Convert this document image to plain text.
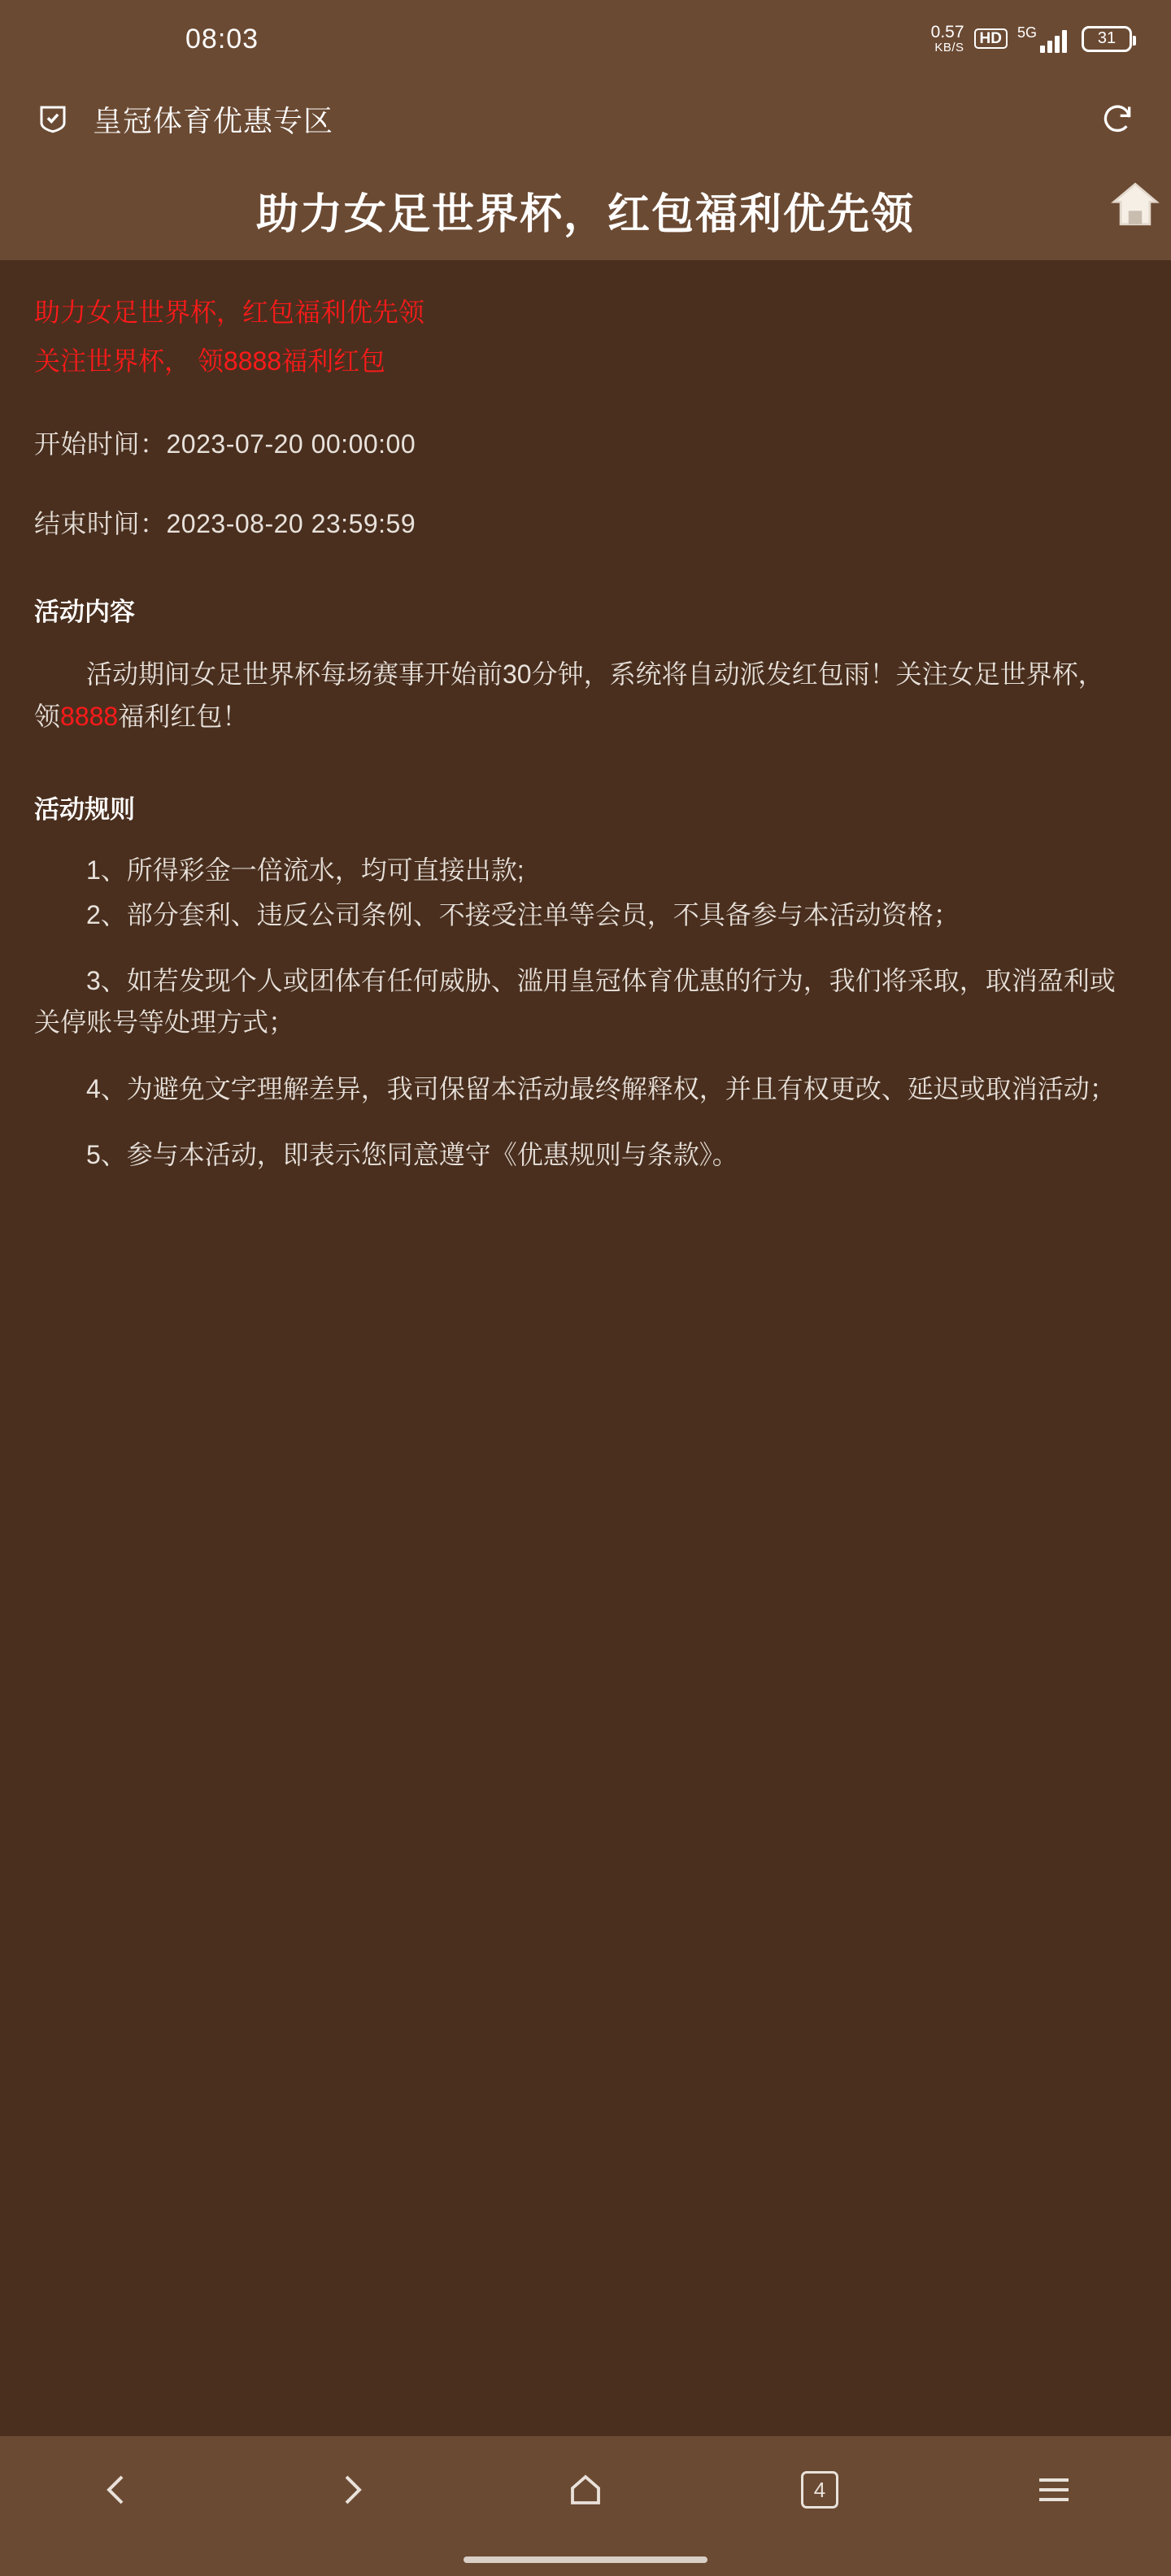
08:03	0.57
KB/S
HD	5G	31
皇冠体育优惠专区
助力女足世界杯，红包福利优先领
助力女足世界杯，红包福利优先领
关注世界杯， 领8888福利红包
开始时间：2023-07-20 00:00:00
结束时间：2023-08-20 23:59:59
活动内容
活动期间女足世界杯每场赛事开始前30分钟，系统将自动派发红包雨！关注女足世界杯， 领8888福利红包！
活动规则
1、所得彩金一倍流水，均可直接出款;
2、部分套利、违反公司条例、不接受注单等会员，不具备参与本活动资格；
3、如若发现个人或团体有任何威胁、滥用皇冠体育优惠的行为，我们将采取，取消盈利或关停账号等处理方式；
4、为避免文字理解差异，我司保留本活动最终解释权，并且有权更改、延迟或取消活动；
5、参与本活动，即表示您同意遵守《优惠规则与条款》。
4
